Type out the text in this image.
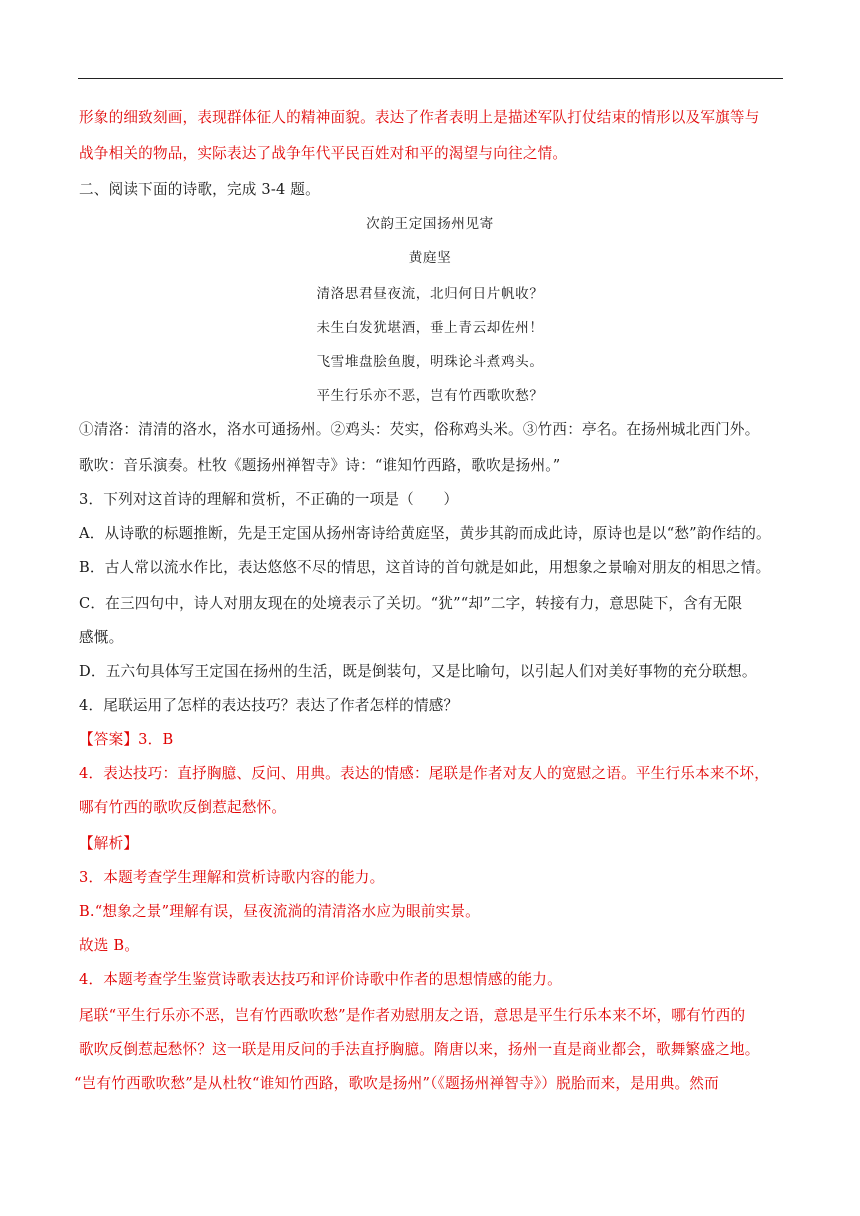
形象的细致刻画，表现群体征人的精神面貌。表达了作者表明上是描述军队打仗结束的情形以及军旗等与
战争相关的物品，实际表达了战争年代平民百姓对和平的渴望与向往之情。
二、阅读下面的诗歌，完成 3-4 题。
次韵王定国扬州见寄
黄庭坚
清洛思君昼夜流，北归何日片帆收？
未生白发犹堪酒，垂上青云却佐州！
飞雪堆盘脍鱼腹，明珠论斗煮鸡头。
平生行乐亦不恶，岂有竹西歌吹愁？
①清洛：清清的洛水，洛水可通扬州。②鸡头：芡实，俗称鸡头米。③竹西：亭名。在扬州城北西门外。
歌吹：音乐演奏。杜牧《题扬州禅智寺》诗：“谁知竹西路，歌吹是扬州。”
3．下列对这首诗的理解和赏析，不正确的一项是（　　）
A．从诗歌的标题推断，先是王定国从扬州寄诗给黄庭坚，黄步其韵而成此诗，原诗也是以“愁”韵作结的。
B．古人常以流水作比，表达悠悠不尽的情思，这首诗的首句就是如此，用想象之景喻对朋友的相思之情。
C．在三四句中，诗人对朋友现在的处境表示了关切。“犹”“却”二字，转接有力，意思陡下，含有无限
感慨。
D．五六句具体写王定国在扬州的生活，既是倒装句，又是比喻句，以引起人们对美好事物的充分联想。
4．尾联运用了怎样的表达技巧？表达了作者怎样的情感？
【答案】3．B
4．表达技巧：直抒胸臆、反问、用典。表达的情感：尾联是作者对友人的宽慰之语。平生行乐本来不坏，
哪有竹西的歌吹反倒惹起愁怀。
【解析】
3．本题考查学生理解和赏析诗歌内容的能力。
B.“想象之景”理解有误，昼夜流淌的清清洛水应为眼前实景。
故选 B。
4．本题考查学生鉴赏诗歌表达技巧和评价诗歌中作者的思想情感的能力。
尾联“平生行乐亦不恶，岂有竹西歌吹愁”是作者劝慰朋友之语，意思是平生行乐本来不坏，哪有竹西的
歌吹反倒惹起愁怀？这一联是用反问的手法直抒胸臆。隋唐以来，扬州一直是商业都会，歌舞繁盛之地。
“岂有竹西歌吹愁”是从杜牧“谁知竹西路，歌吹是扬州”（《题扬州禅智寺》）脱胎而来，是用典。然而
